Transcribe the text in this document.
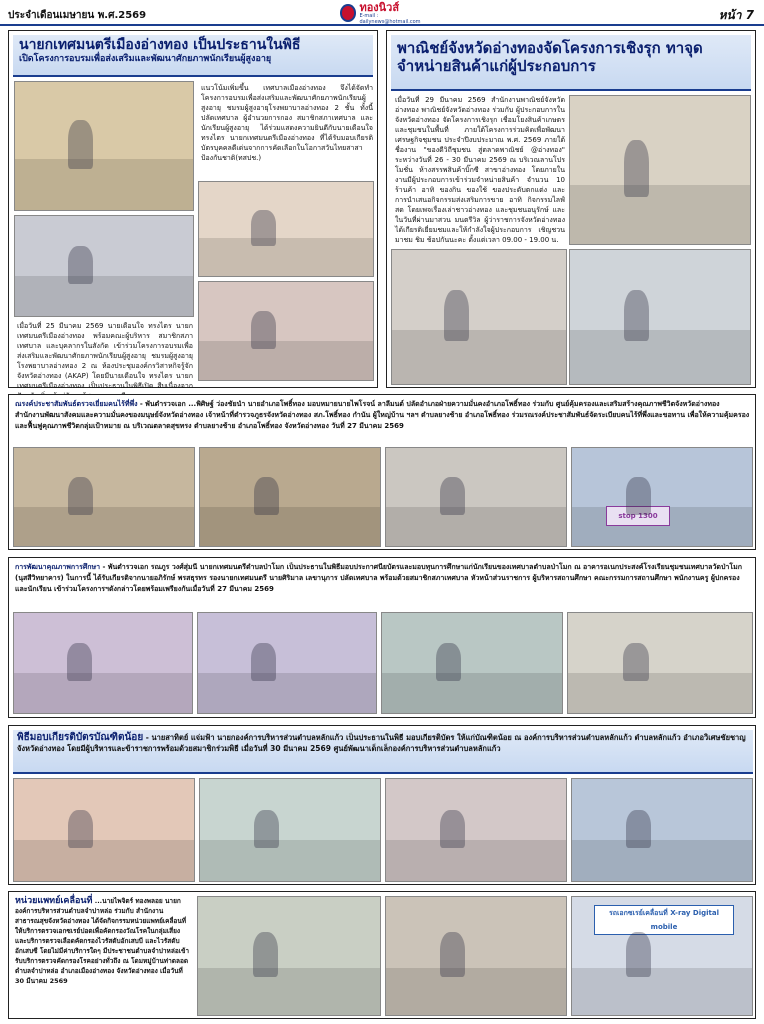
ประจำเดือนเมษายน พ.ศ.2569
ทองนิวส์
E-mail : dailynews@hotmail.com	หน้า 7
นายกเทศมนตรีเมืองอ่างทอง เป็นประธานในพิธี
เปิดโครงการอบรมเพื่อส่งเสริมและพัฒนาศักยภาพนักเรียนผู้สูงอายุ
แนวโน้มเพิ่มขึ้น เทศบาลเมืองอ่างทอง จึงได้จัดทำโครงการอบรมเพื่อส่งเสริมและพัฒนาศักยภาพนักเรียนผู้สูงอายุ ชมรมผู้สูงอายุโรงพยาบาลอ่างทอง 2 ชั้น ทั้งนี้ ปลัดเทศบาล ผู้อำนวยการกอง สมาชิกสภาเทศบาล และนักเรียนผู้สูงอายุ ได้ร่วมแสดงความยินดีกับนายเดือนใจ ทรงไตร นายกเทศมนตรีเมืองอ่างทอง ที่ได้รับมอบเกียรติบัตรบุคคลดีเด่นจากการคัดเลือกในโอกาสวันไทยสาสาป้องกันชาติ(ทสปช.)
เมื่อวันที่ 25 มีนาคม 2569 นายเดือนใจ ทรงไตร นายกเทศมนตรีเมืองอ่างทอง พร้อมคณะผู้บริหาร สมาชิกสภาเทศบาล และบุคลากรในสังกัด เข้าร่วมโครงการอบรมเพื่อส่งเสริมและพัฒนาศักยภาพนักเรียนผู้สูงอายุ ชมรมผู้สูงอายุโรงพยาบาลอ่างทอง 2 ณ ห้องประชุมองค์กรวิสาหกิจรู้จักจังหวัดอ่างทอง (AKAP) โดยมีนายเดือนใจ ทรงไตร นายกเทศมนตรีเมืองอ่างทอง เป็นประธานในพิธีเปิด สืบเนื่องจาก
พาณิชย์จังหวัดอ่างทองจัดโครงการเชิงรุก ทาจุดจำหน่ายสินค้าแก่ผู้ประกอบการ
เมื่อวันที่ 29 มีนาคม 2569 สำนักงานพาณิชย์จังหวัดอ่างทอง พาณิชย์จังหวัดอ่างทอง ร่วมกับ ผู้ประกอบการในจังหวัดอ่างทอง จัดโครงการเชิงรุก เชื่อมโยงสินค้าเกษตรและชุมชนในพื้นที่ ภายใต้โครงการร่วมคิดเพื่อพัฒนาเศรษฐกิจชุมชน ประจำปีงบประมาณ พ.ศ. 2569 ภายใต้ชื่องาน "ของดีวิถีชุมชน สู่ตลาดพาณิชย์ @อ่างทอง" ระหว่างวันที่ 26 - 30 มีนาคม 2569 ณ บริเวณลานโปรโมชั่น ห้างสรรพสินค้าบิ๊กซี สาขาอ่างทอง โดยภายในงานมีผู้ประกอบการเข้าร่วมจำหน่ายสินค้า จำนวน 10 ร้านค้า อาทิ ของกิน ของใช้ ของประดับตกแต่ง และการนำเสนอกิจกรรมส่งเสริมการขาย อาทิ กิจกรรมไลฟ์สด โดยเพจเรื่องเล่าชาวอ่างทอง และชุมชนอนุรักษ์ และในวันที่ผ่านมาสวน มนตรีวิล ผู้ว่าราชการจังหวัดอ่างทอง ได้เกียรติเยี่ยมชมและให้กำลังใจผู้ประกอบการ เชิญชวนมาชม ชิม ช้อปกันนะคะ ตั้งแต่เวลา 09.00 - 19.00 น.
ณรงค์ประชาสัมพันธ์ตรวจเยี่ยมคนไร้ที่พึ่ง - พันตำรวจเอก ...พิศิษฐ์ ว่องชัยนำ นายอำเภอโพธิ์ทอง มอบหมายนายไพโรจน์ ลาลีมนต์ ปลัดอำเภอฝ่ายความมั่นคงอำเภอโพธิ์ทอง ร่วมกับ ศูนย์คุ้มครองและเสริมสร้างคุณภาพชีวิตจังหวัดอ่างทอง สำนักงานพัฒนาสังคมและความมั่นคงของมนุษย์จังหวัดอ่างทอง เจ้าหน้าที่ตำรวจภูธรจังหวัดอ่างทอง สภ.โพธิ์ทอง กำนัน ผู้ใหญ่บ้าน ฯลฯ ตำบลยางช้าย อำเภอโพธิ์ทอง ร่วมรณรงค์ประชาสัมพันธ์จัดระเบียบคนไร้ที่พึ่งและขอทาน เพื่อให้ความคุ้มครองและฟื้นฟูคุณภาพชีวิตกลุ่มเป้าหมาย ณ บริเวณตลาดสุขทรง ตำบลยางช้าย อำเภอโพธิ์ทอง จังหวัดอ่างทอง วันที่ 27 มีนาคม 2569
stop 1300
การพัฒนาคุณภาพการศึกษา - พันตำรวจเอก รณภูร วงศ์สุ่มนี นายกเทศมนตรีตำบลป่าโมก เป็นประธานในพิธีมอบประกาศนียบัตรและมอบทุนการศึกษาแก่นักเรียนของเทศบาลตำบลป่าโมก ณ อาคารอเนกประสงค์โรงเรียนชุมชนเทศบาลวัดป่าโมก (นุสสีวิทยาคาร) ในการนี้ ได้รับเกียรติจากนายอภิรักษ์ พรสธุรทร รองนายกเทศมนตรี นายศิริมาล เลขานุการ ปลัดเทศบาล พร้อมด้วยสมาชิกสภาเทศบาล หัวหน้าส่วนราชการ ผู้บริหารสถานศึกษา คณะกรรมการสถานศึกษา พนักงานครู ผู้ปกครอง และนักเรียน เข้าร่วมโครงการฯดังกล่าวโดยพร้อมเพรียงกันเมื่อวันที่ 27 มีนาคม 2569
พิธีมอบเกียรติบัตรบัณฑิตน้อย - นายสาทิตย์ แจ่มฟ้า นายกองค์การบริหารส่วนตำบลหลักแก้ว เป็นประธานในพิธี มอบเกียรติบัตร ให้แก่บัณฑิตน้อย ณ องค์การบริหารส่วนตำบลหลักแก้ว ตำบลหลักแก้ว อำเภอวิเศษชัยชาญ จังหวัดอ่างทอง โดยมีผู้บริหารและข้าราชการพร้อมด้วยสมาชิกร่วมพิธี เมื่อวันที่ 30 มีนาคม 2569 ศูนย์พัฒนาเด็กเล็กองค์การบริหารส่วนตำบลหลักแก้ว
หน่วยแพทย์เคลื่อนที่ ...นายไพจิตร์ ทองพลอย นายกองค์การบริหารส่วนตำบลจำปาหล่อ ร่วมกับ สำนักงานสาธารณสุขจังหวัดอ่างทอง ได้จัดกิจกรรมหน่วยแพทย์เคลื่อนที่ ให้บริการตรวจเอกซเรย์ปอดเพื่อคัดกรองวัณโรคในกลุ่มเสี่ยง และบริการตรวจเลือดคัดกรองไวรัสตับอักเสบบี และไวรัสตับอักเสบซี โดยไม่มีค่าบริการใดๆ มีประชาชนตำบลจำปาหล่อเข้ารับบริการตรวจคัดกรองโรคอย่างทั่วถึง ณ โดมหมู่บ้านท่าตลอด ตำบลจำปาหล่อ อำเภอเมืองอ่างทอง จังหวัดอ่างทอง เมื่อวันที่ 30 มีนาคม 2569
รถเอกซเรย์เคลื่อนที่ X-ray Digital mobile
